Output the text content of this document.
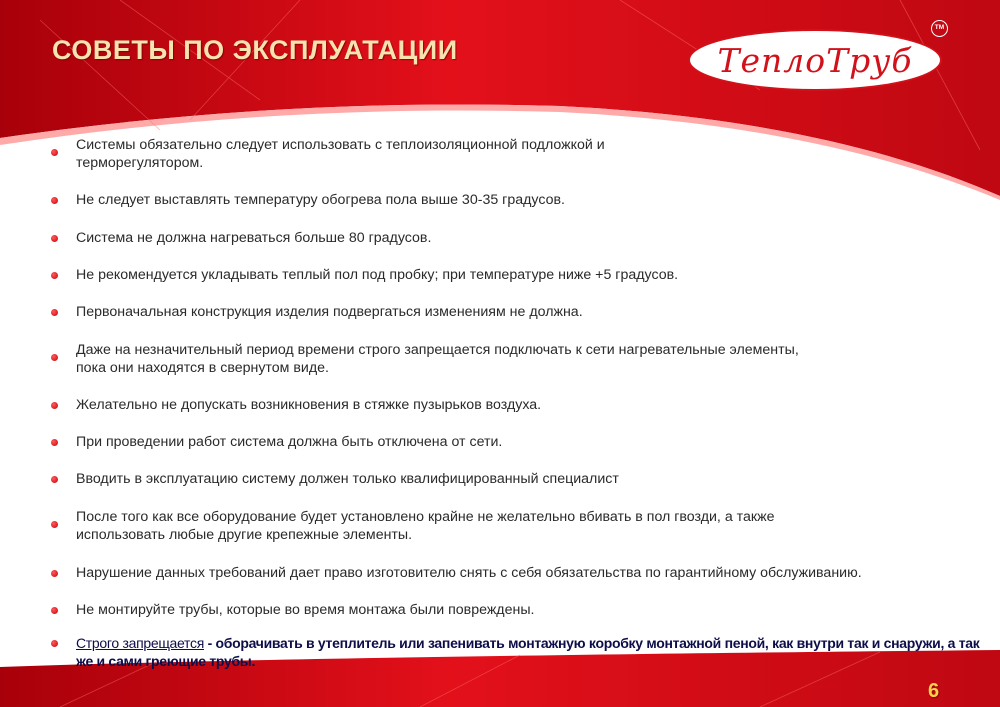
СОВЕТЫ ПО ЭКСПЛУАТАЦИИ	ТеплоТруб
TM
Системы обязательно следует использовать с теплоизоляционной подложкой и
терморегулятором.
Не следует выставлять температуру обогрева пола выше 30-35 градусов.
Система не должна нагреваться больше 80 градусов.
Не рекомендуется укладывать теплый пол под пробку; при температуре ниже +5 градусов.
Первоначальная конструкция изделия подвергаться изменениям не должна.
Даже на незначительный период времени строго запрещается подключать к сети нагревательные элементы,
пока они находятся в свернутом виде.
Желательно не допускать возникновения в стяжке пузырьков воздуха.
При проведении работ система должна быть отключена от сети.
Вводить в эксплуатацию систему должен только квалифицированный специалист
После того как все оборудование будет установлено крайне не желательно вбивать в пол гвозди, а также
использовать любые другие крепежные элементы.
Нарушение данных требований дает право изготовителю снять с себя обязательства по гарантийному обслуживанию.
Не монтируйте трубы, которые во время монтажа были повреждены.
Строго запрещается - оборачивать в утеплитель или запенивать монтажную коробку монтажной пеной, как внутри так и снаружи, а так
же и сами греющие трубы.
6
